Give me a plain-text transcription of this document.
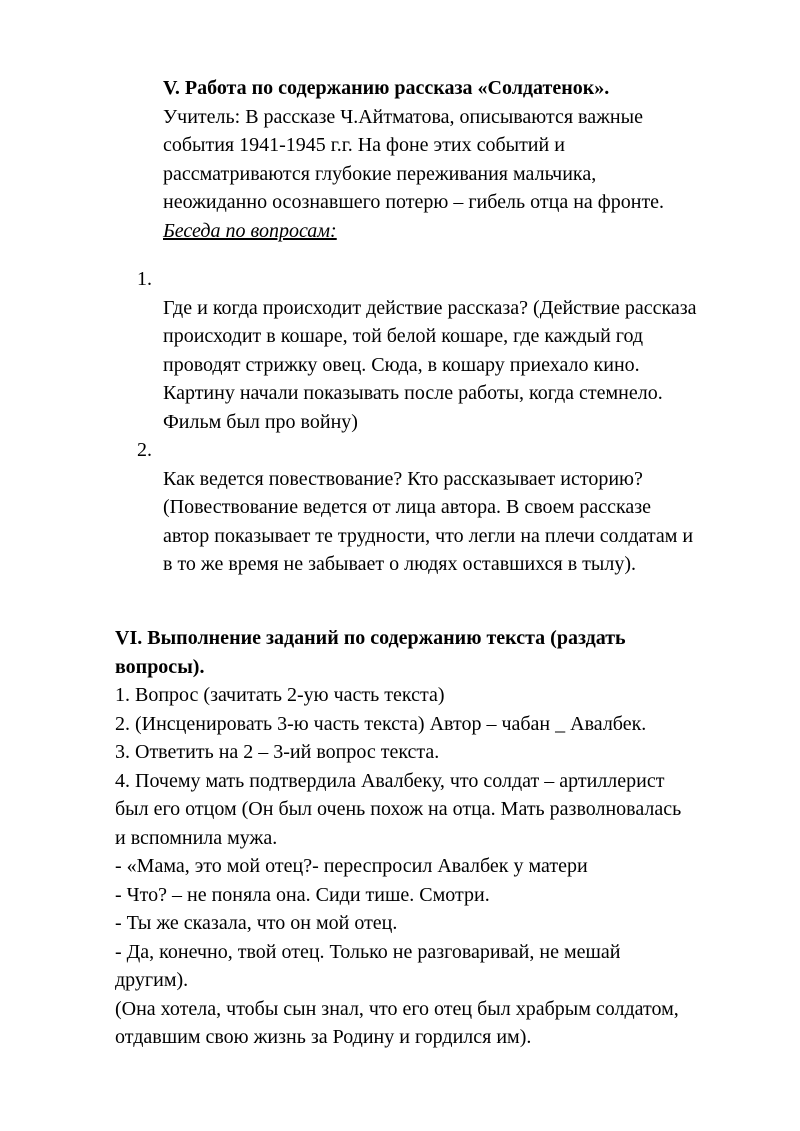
V. Работа по содержанию рассказа «Солдатенок».
Учитель: В рассказе Ч.Айтматова, описываются важные
события 1941-1945 г.г. На фоне этих событий и
рассматриваются глубокие переживания мальчика,
неожиданно осознавшего потерю – гибель отца на фронте.
Беседа по вопросам:
1.
Где и когда происходит действие рассказа? (Действие рассказа
происходит в кошаре, той белой кошаре, где каждый год
проводят стрижку овец. Сюда, в кошару приехало кино.
Картину начали показывать после работы, когда стемнело.
Фильм был про войну)
2.
Как ведется повествование? Кто рассказывает историю?
(Повествование ведется от лица автора. В своем рассказе
автор показывает те трудности, что легли на плечи солдатам и
в то же время не забывает о людях оставшихся в тылу).
VI. Выполнение заданий по содержанию текста (раздать
вопросы).
1. Вопрос (зачитать 2-ую часть текста)
2. (Инсценировать 3-ю часть текста) Автор – чабан _ Авалбек.
3. Ответить на 2 – 3-ий вопрос текста.
4. Почему мать подтвердила Авалбеку, что солдат – артиллерист
был его отцом (Он был очень похож на отца. Мать разволновалась
и вспомнила мужа.
- «Мама, это мой отец?- переспросил Авалбек у матери
- Что? – не поняла она. Сиди тише. Смотри.
- Ты же сказала, что он мой отец.
- Да, конечно, твой отец. Только не разговаривай, не мешай
другим).
(Она хотела, чтобы сын знал, что его отец был храбрым солдатом,
отдавшим свою жизнь за Родину и гордился им).
